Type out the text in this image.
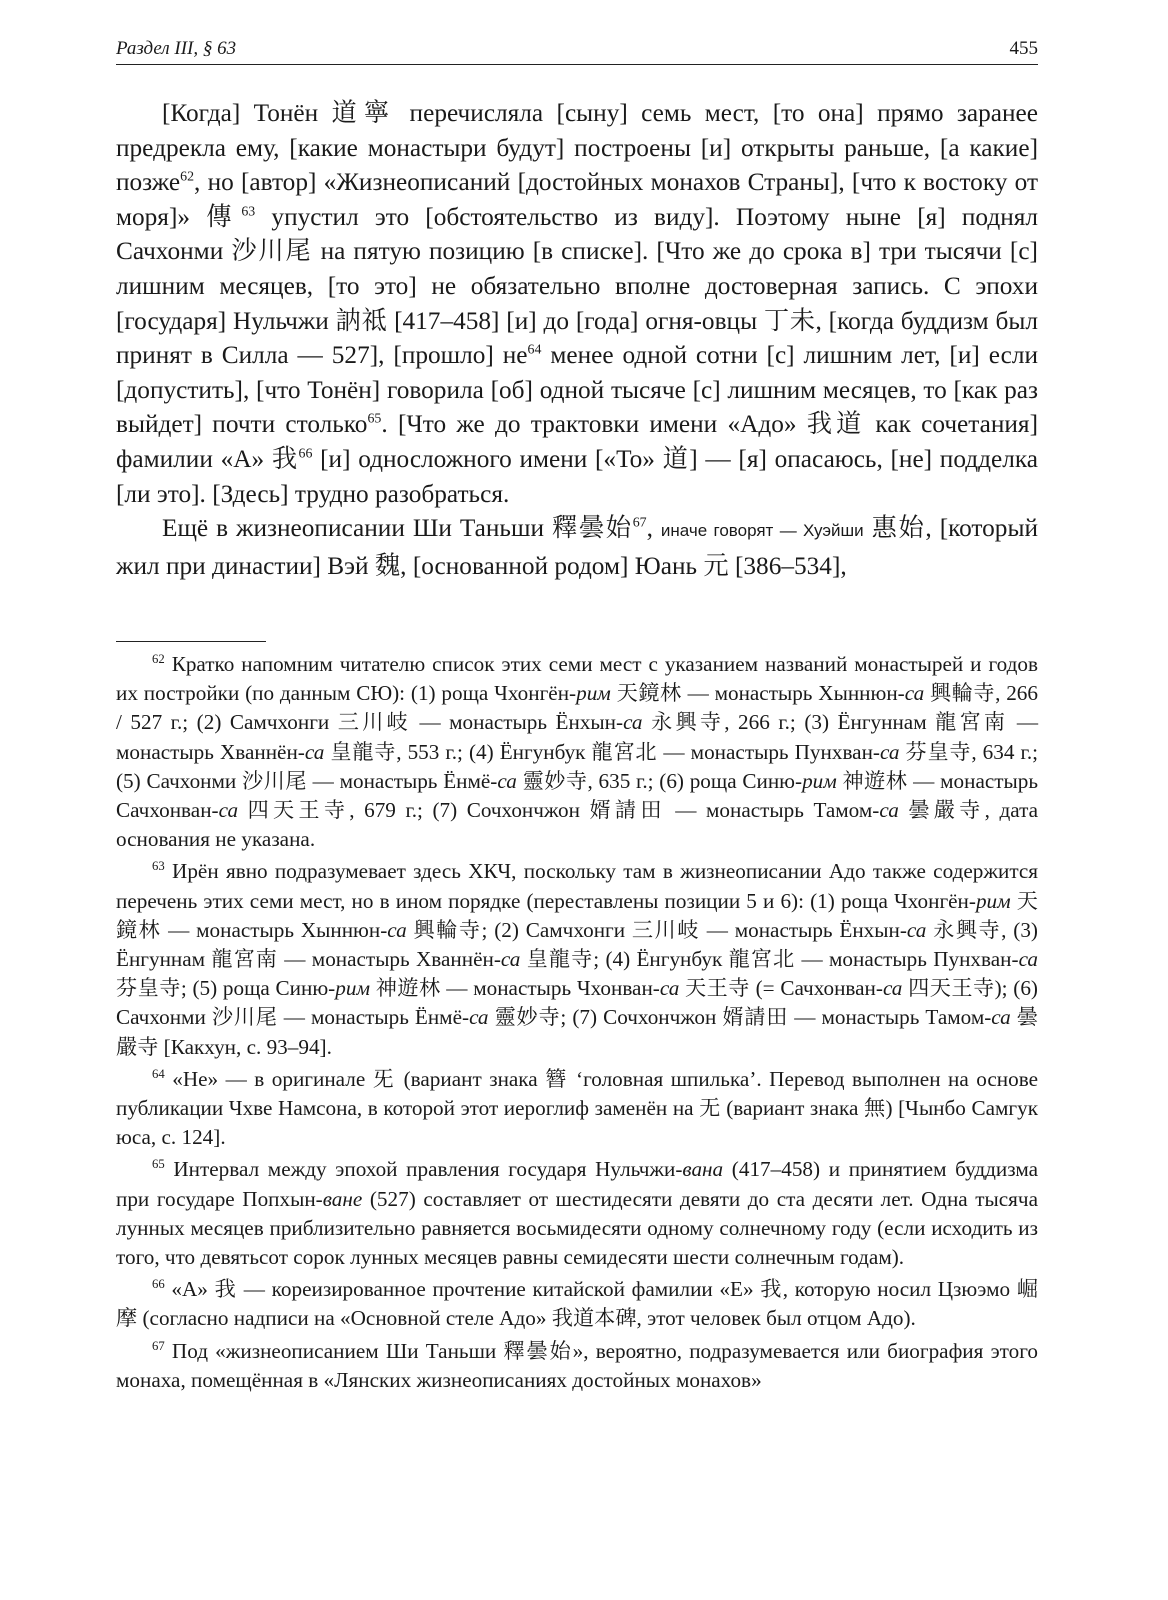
Раздел III, § 63	455

[Когда] Тонён 道寧 перечисляла [сыну] семь мест, [то она] прямо заранее предрекла ему, [какие монастыри будут] построены [и] открыты раньше, [а какие] позже$^{62}$, но [автор] «Жизнеописаний [достойных монахов Страны], [что к востоку от моря]» 傳$^{63}$ упустил это [обстоятельство из виду]. Поэтому ныне [я] поднял Сачхонми 沙川尾 на пятую позицию [в списке]. [Что же до срока в] три тысячи [с] лишним месяцев, [то это] не обязательно вполне достоверная запись. С эпохи [государя] Нульчжи 訥祗 [417–458] [и] до [года] огня-овцы 丁未, [когда буддизм был принят в Силла — 527], [прошло] $не^{64}$ менее одной сотни [с] лишним лет, [и] если [допустить], [что Тонён] говорила [об] одной тысяче [с] лишним месяцев, то [как раз выйдет] почти столько$^{65}$. [Что же до трактовки имени «Адо» 我道 как сочетания] фамилии «А» 我$^{66}$ [и] односложного имени [«То» 道] — [я] опасаюсь, [не] подделка [ли это]. [Здесь] трудно разобраться.

Ещё в жизнеописании Ши Таньши 釋曇始$^{67}$, иначе говорят — Хуэйши 惠始, [который жил при династии] Вэй 魏, [основанной родом] Юань 元 [386–534],

$^{62}$ Кратко напомним читателю список этих семи мест с указанием названий монастырей и годов их постройки (по данным СЮ): (1) роща Чхонгён-рим 天鏡林 — монастырь Хыннюн-са 興輪寺, 266 / 527 г.; (2) Самчхонги 三川岐 — монастырь Ёнхын-са 永興寺, 266 г.; (3) Ёнгуннам 龍宮南 — монастырь Хваннён-са 皇龍寺, 553 г.; (4) Ёнгунбук 龍宮北 — монастырь Пунхван-са 芬皇寺, 634 г.; (5) Сачхонми 沙川尾 — монастырь Ёнмё-са 靈妙寺, 635 г.; (6) роща Синю-рим 神遊林 — монастырь Сачхонван-са 四天王寺, 679 г.; (7) Сочхончжон 婿請田 — монастырь Тамом-са 曇嚴寺, дата основания не указана.

$^{63}$ Ирён явно подразумевает здесь ХКЧ, поскольку там в жизнеописании Адо также содержится перечень этих семи мест, но в ином порядке (переставлены позиции 5 и 6): (1) роща Чхонгён-рим 天鏡林 — монастырь Хыннюн-са 興輪寺; (2) Самчхонги 三川岐 — монастырь Ёнхын-са 永興寺, (3) Ёнгуннам 龍宮南 — монастырь Хваннён-са 皇龍寺; (4) Ёнгунбук 龍宮北 — монастырь Пунхван-са 芬皇寺; (5) роща Синю-рим 神遊林 — монастырь Чхонван-са 天王寺 (= Сачхонван-са 四天王寺); (6) Сачхонми 沙川尾 — монастырь Ёнмё-са 靈妙寺; (7) Сочхончжон 婿請田 — монастырь Тамом-са 曇嚴寺 [Какхун, с. 93–94].

$^{64}$ «Не» — в оригинале 旡 (вариант знака 簪 ‘головная шпилька’. Перевод выполнен на основе публикации Чхве Намсона, в которой этот иероглиф заменён на 无 (вариант знака 無) [Чынбо Самгук юса, с. 124].

$^{65}$ Интервал между эпохой правления государя Нульчжи-вана (417–458) и принятием буддизма при государе Попхын-ване (527) составляет от шестидесяти девяти до ста десяти лет. Одна тысяча лунных месяцев приблизительно равняется восьмидесяти одному солнечному году (если исходить из того, что девятьсот сорок лунных месяцев равны семидесяти шести солнечным годам).

$^{66}$ «А» 我 — кореизированное прочтение китайской фамилии «Е» 我, которую носил Цзюэмо 崛摩 (согласно надписи на «Основной стеле Адо» 我道本碑, этот человек был отцом Адо).

$^{67}$ Под «жизнеописанием Ши Таньши 釋曇始», вероятно, подразумевается или биография этого монаха, помещённая в «Лянских жизнеописаниях достойных монахов»
